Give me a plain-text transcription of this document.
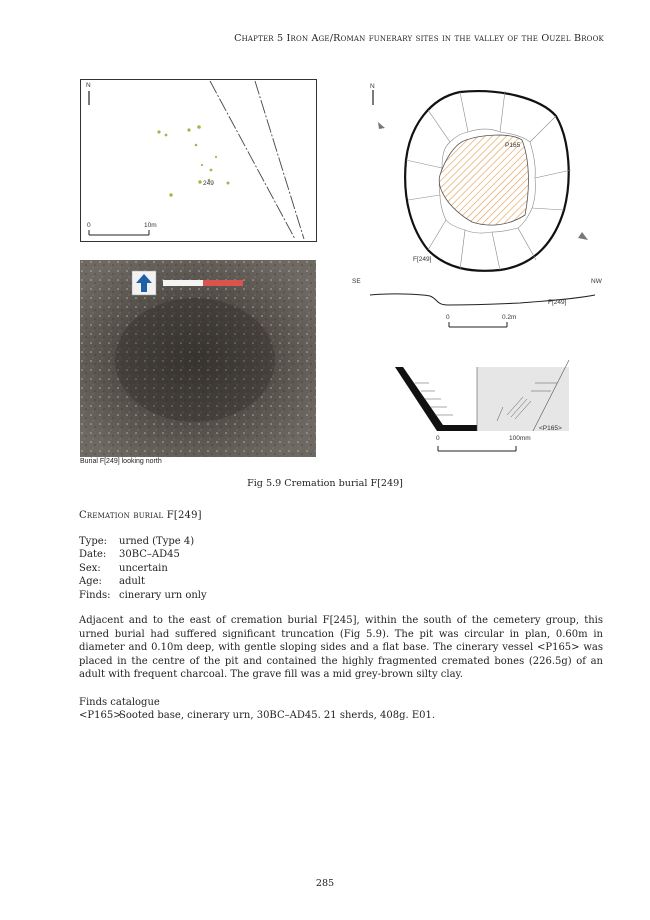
Chapter 5 Iron Age/Roman funerary sites in the valley of the Ouzel Brook
N
249
0	10m
Burial F[249] looking north
N
P165
F[249]
SE	NW
F[249]
0	0.2m
<P165>
0	100mm
Fig 5.9 Cremation burial F[249]
Cremation burial F[249]
Type:	urned (Type 4)
Date:	30BC–AD45
Sex:	uncertain
Age:	adult
Finds: cinerary urn only
Adjacent and to the east of cremation burial F[245], within the south of the cemetery group, this urned burial had suffered significant truncation (Fig 5.9). The pit was circular in plan, 0.60m in diameter and 0.10m deep, with gentle sloping sides and a flat base. The cinerary vessel <P165> was placed in the centre of the pit and contained the highly fragmented cremated bones (226.5g) of an adult with frequent charcoal. The grave fill was a mid grey-brown silty clay.
Finds catalogue
<P165>
Sooted base, cinerary urn, 30BC–AD45. 21 sherds, 408g. E01.
285
